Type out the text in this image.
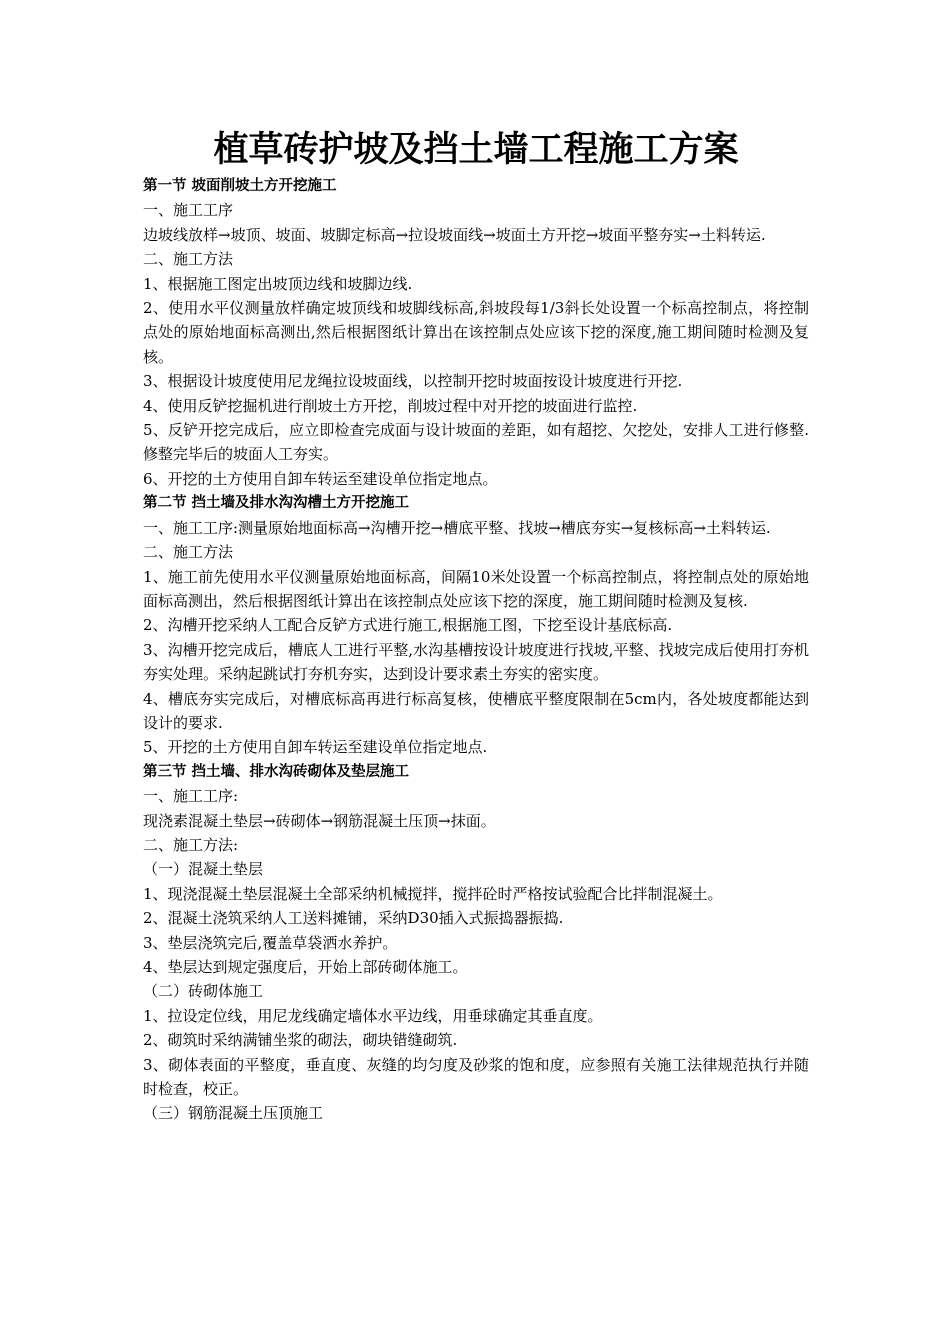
植草砖护坡及挡土墙工程施工方案
第一节 坡面削坡土方开挖施工

一、施工工序

边坡线放样→坡顶、坡面、坡脚定标高→拉设坡面线→坡面土方开挖→坡面平整夯实→土料转运.

二、施工方法

1、根据施工图定出坡顶边线和坡脚边线.

2、使用水平仪测量放样确定坡顶线和坡脚线标高,斜坡段每1/3斜长处设置一个标高控制点，将控制点处的原始地面标高测出,然后根据图纸计算出在该控制点处应该下挖的深度,施工期间随时检测及复核。

3、根据设计坡度使用尼龙绳拉设坡面线，以控制开挖时坡面按设计坡度进行开挖.

4、使用反铲挖掘机进行削坡土方开挖，削坡过程中对开挖的坡面进行监控.

5、反铲开挖完成后，应立即检查完成面与设计坡面的差距，如有超挖、欠挖处，安排人工进行修整.修整完毕后的坡面人工夯实。

6、开挖的土方使用自卸车转运至建设单位指定地点。

第二节 挡土墙及排水沟沟槽土方开挖施工

一、施工工序:测量原始地面标高→沟槽开挖→槽底平整、找坡→槽底夯实→复核标高→土料转运.

二、施工方法

1、施工前先使用水平仪测量原始地面标高，间隔10米处设置一个标高控制点，将控制点处的原始地面标高测出，然后根据图纸计算出在该控制点处应该下挖的深度，施工期间随时检测及复核.

2、沟槽开挖采纳人工配合反铲方式进行施工,根据施工图，下挖至设计基底标高.

3、沟槽开挖完成后，槽底人工进行平整,水沟基槽按设计坡度进行找坡,平整、找坡完成后使用打夯机夯实处理。采纳起跳试打夯机夯实，达到设计要求素土夯实的密实度。

4、槽底夯实完成后，对槽底标高再进行标高复核，使槽底平整度限制在5cm内，各处坡度都能达到设计的要求.

5、开挖的土方使用自卸车转运至建设单位指定地点.

第三节 挡土墙、排水沟砖砌体及垫层施工

一、施工工序:

现浇素混凝土垫层→砖砌体→钢筋混凝土压顶→抹面。

二、施工方法:

（一）混凝土垫层

1、现浇混凝土垫层混凝土全部采纳机械搅拌，搅拌砼时严格按试验配合比拌制混凝土。

2、混凝土浇筑采纳人工送料摊铺，采纳D30插入式振捣器振捣.

3、垫层浇筑完后,覆盖草袋洒水养护。

4、垫层达到规定强度后，开始上部砖砌体施工。

（二）砖砌体施工

1、拉设定位线，用尼龙线确定墙体水平边线，用垂球确定其垂直度。

2、砌筑时采纳满铺坐浆的砌法，砌块错缝砌筑.

3、砌体表面的平整度，垂直度、灰缝的均匀度及砂浆的饱和度，应参照有关施工法律规范执行并随时检查，校正。

（三）钢筋混凝土压顶施工
